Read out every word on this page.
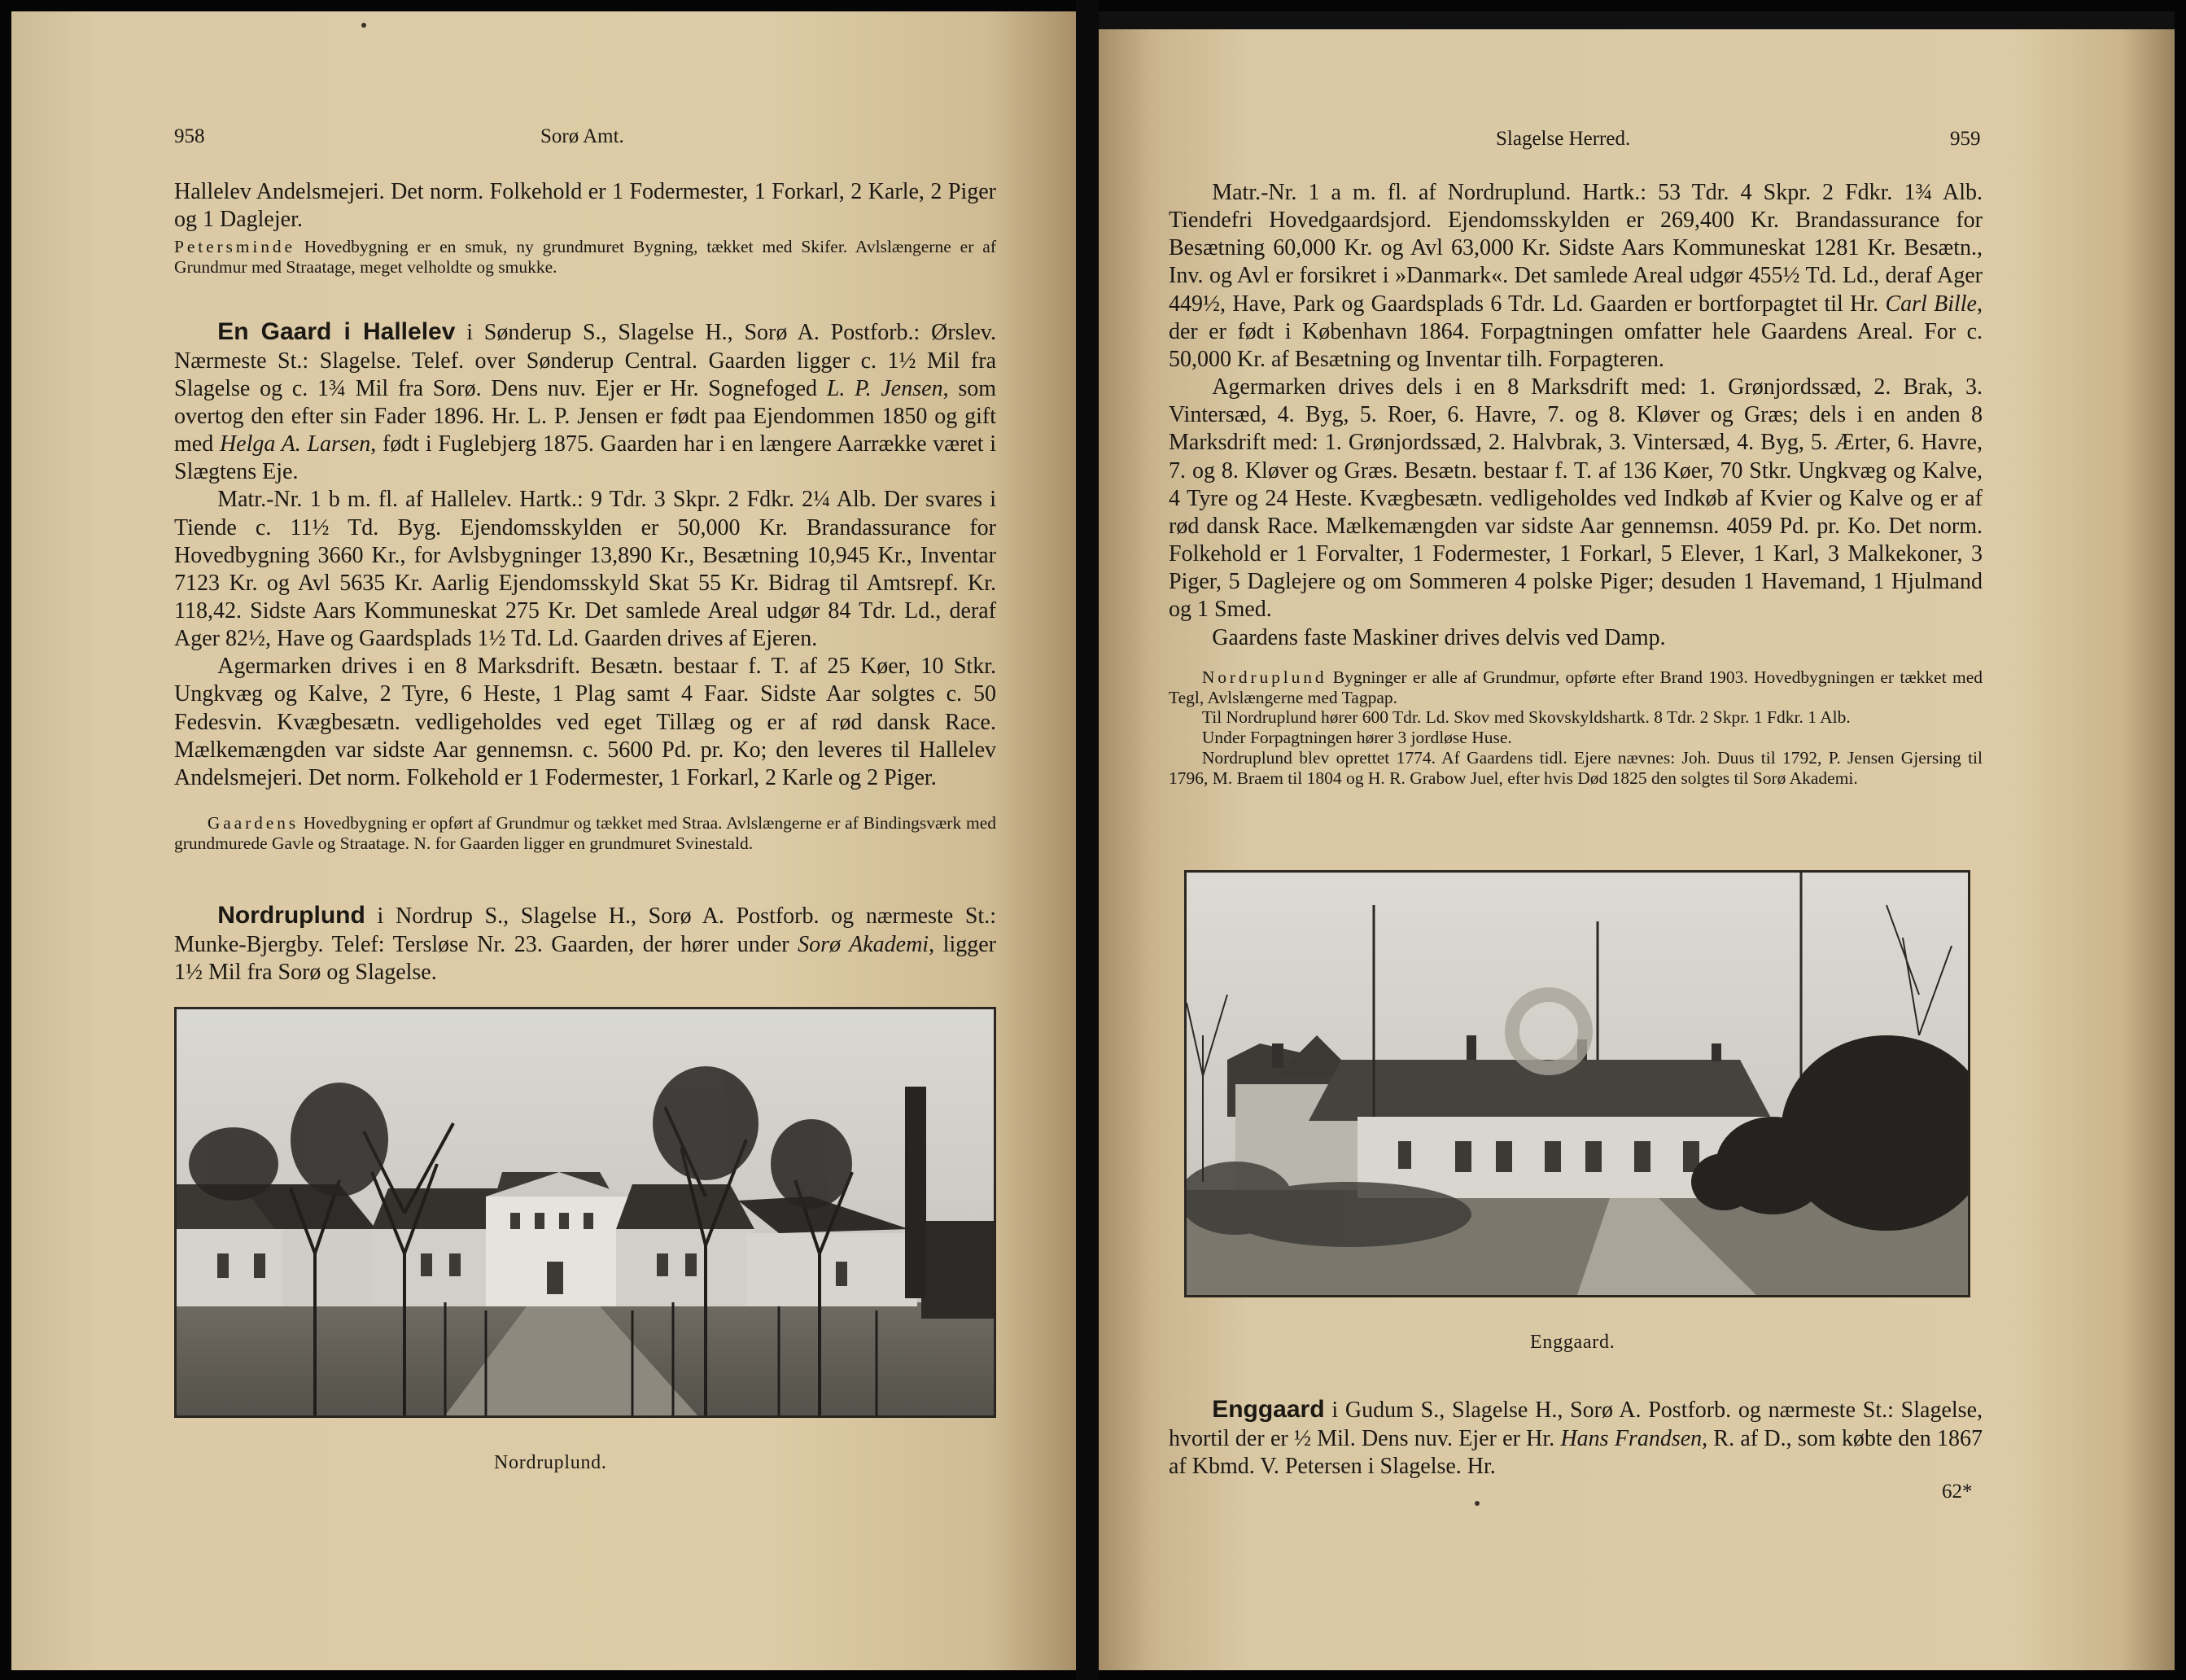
958	Sorø Amt.

Hallelev Andelsmejeri. Det norm. Folkehold er 1 Fodermester, 1 Forkarl, 2 Karle, 2 Piger og 1 Daglejer.

Petersminde Hovedbygning er en smuk, ny grundmuret Bygning, tækket med Skifer. Avlslængerne er af Grundmur med Straatage, meget velholdte og smukke.

En Gaard i Hallelev i Sønderup S., Slagelse H., Sorø A. Postforb.: Ørslev. Nærmeste St.: Slagelse. Telef. over Sønderup Central. Gaarden ligger c. 1½ Mil fra Slagelse og c. 1¾ Mil fra Sorø. Dens nuv. Ejer er Hr. Sognefoged L. P. Jensen, som overtog den efter sin Fader 1896. Hr. L. P. Jensen er født paa Ejendommen 1850 og gift med Helga A. Larsen, født i Fuglebjerg 1875. Gaarden har i en længere Aarrække været i Slægtens Eje.

Matr.-Nr. 1 b m. fl. af Hallelev. Hartk.: 9 Tdr. 3 Skpr. 2 Fdkr. 2¼ Alb. Der svares i Tiende c. 11½ Td. Byg. Ejendomsskylden er 50,000 Kr. Brandassurance for Hovedbygning 3660 Kr., for Avlsbygninger 13,890 Kr., Besætning 10,945 Kr., Inventar 7123 Kr. og Avl 5635 Kr. Aarlig Ejendomsskyld Skat 55 Kr. Bidrag til Amtsrepf. Kr. 118,42. Sidste Aars Kommuneskat 275 Kr. Det samlede Areal udgør 84 Tdr. Ld., deraf Ager 82½, Have og Gaardsplads 1½ Td. Ld. Gaarden drives af Ejeren.

Agermarken drives i en 8 Marksdrift. Besætn. bestaar f. T. af 25 Køer, 10 Stkr. Ungkvæg og Kalve, 2 Tyre, 6 Heste, 1 Plag samt 4 Faar. Sidste Aar solgtes c. 50 Fedesvin. Kvægbesætn. vedligeholdes ved eget Tillæg og er af rød dansk Race. Mælkemængden var sidste Aar gennemsn. c. 5600 Pd. pr. Ko; den leveres til Hallelev Andelsmejeri. Det norm. Folkehold er 1 Fodermester, 1 Forkarl, 2 Karle og 2 Piger.

Gaardens Hovedbygning er opført af Grundmur og tækket med Straa. Avlslængerne er af Bindingsværk med grundmurede Gavle og Straatage. N. for Gaarden ligger en grundmuret Svinestald.

Nordruplund i Nordrup S., Slagelse H., Sorø A. Postforb. og nærmeste St.: Munke-Bjergby. Telef: Tersløse Nr. 23. Gaarden, der hører under Sorø Akademi, ligger 1½ Mil fra Sorø og Slagelse.

Nordruplund.
Slagelse Herred.	959

Matr.-Nr. 1 a m. fl. af Nordruplund. Hartk.: 53 Tdr. 4 Skpr. 2 Fdkr. 1¾ Alb. Tiendefri Hovedgaardsjord. Ejendomsskylden er 269,400 Kr. Brandassurance for Besætning 60,000 Kr. og Avl 63,000 Kr. Sidste Aars Kommuneskat 1281 Kr. Besætn., Inv. og Avl er forsikret i »Danmark«. Det samlede Areal udgør 455½ Td. Ld., deraf Ager 449½, Have, Park og Gaardsplads 6 Tdr. Ld. Gaarden er bortforpagtet til Hr. Carl Bille, der er født i København 1864. Forpagtningen omfatter hele Gaardens Areal. For c. 50,000 Kr. af Besætning og Inventar tilh. Forpagteren.

Agermarken drives dels i en 8 Marksdrift med: 1. Grønjordssæd, 2. Brak, 3. Vintersæd, 4. Byg, 5. Roer, 6. Havre, 7. og 8. Kløver og Græs; dels i en anden 8 Marksdrift med: 1. Grønjordssæd, 2. Halvbrak, 3. Vintersæd, 4. Byg, 5. Ærter, 6. Havre, 7. og 8. Kløver og Græs. Besætn. bestaar f. T. af 136 Køer, 70 Stkr. Ungkvæg og Kalve, 4 Tyre og 24 Heste. Kvægbesætn. vedligeholdes ved Indkøb af Kvier og Kalve og er af rød dansk Race. Mælkemængden var sidste Aar gennemsn. 4059 Pd. pr. Ko. Det norm. Folkehold er 1 Forvalter, 1 Fodermester, 1 Forkarl, 5 Elever, 1 Karl, 3 Malkekoner, 3 Piger, 5 Daglejere og om Sommeren 4 polske Piger; desuden 1 Havemand, 1 Hjulmand og 1 Smed.

Gaardens faste Maskiner drives delvis ved Damp.

Nordruplund Bygninger er alle af Grundmur, opførte efter Brand 1903. Hovedbygningen er tækket med Tegl, Avlslængerne med Tagpap.

Til Nordruplund hører 600 Tdr. Ld. Skov med Skovskyldshartk. 8 Tdr. 2 Skpr. 1 Fdkr. 1 Alb.

Under Forpagtningen hører 3 jordløse Huse.

Nordruplund blev oprettet 1774. Af Gaardens tidl. Ejere nævnes: Joh. Duus til 1792, P. Jensen Gjersing til 1796, M. Braem til 1804 og H. R. Grabow Juel, efter hvis Død 1825 den solgtes til Sorø Akademi.

Enggaard.

Enggaard i Gudum S., Slagelse H., Sorø A. Postforb. og nærmeste St.: Slagelse, hvortil der er ½ Mil. Dens nuv. Ejer er Hr. Hans Frandsen, R. af D., som købte den 1867 af Kbmd. V. Petersen i Slagelse. Hr.

62*
